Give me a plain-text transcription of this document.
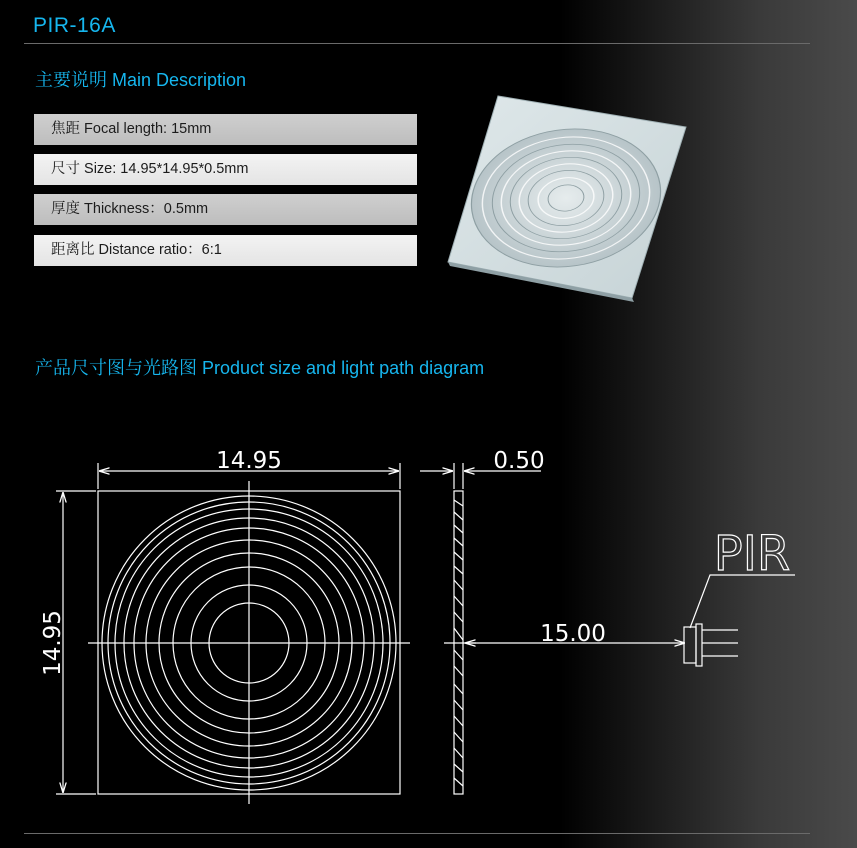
PIR-16A
主要说明 Main Description
焦距 Focal length: 15mm
尺寸 Size: 14.95*14.95*0.5mm
厚度 Thickness：0.5mm
距离比 Distance ratio：6:1
产品尺寸图与光路图 Product size and light path diagram
14.95
14.95
0.50
15.00
PIR
